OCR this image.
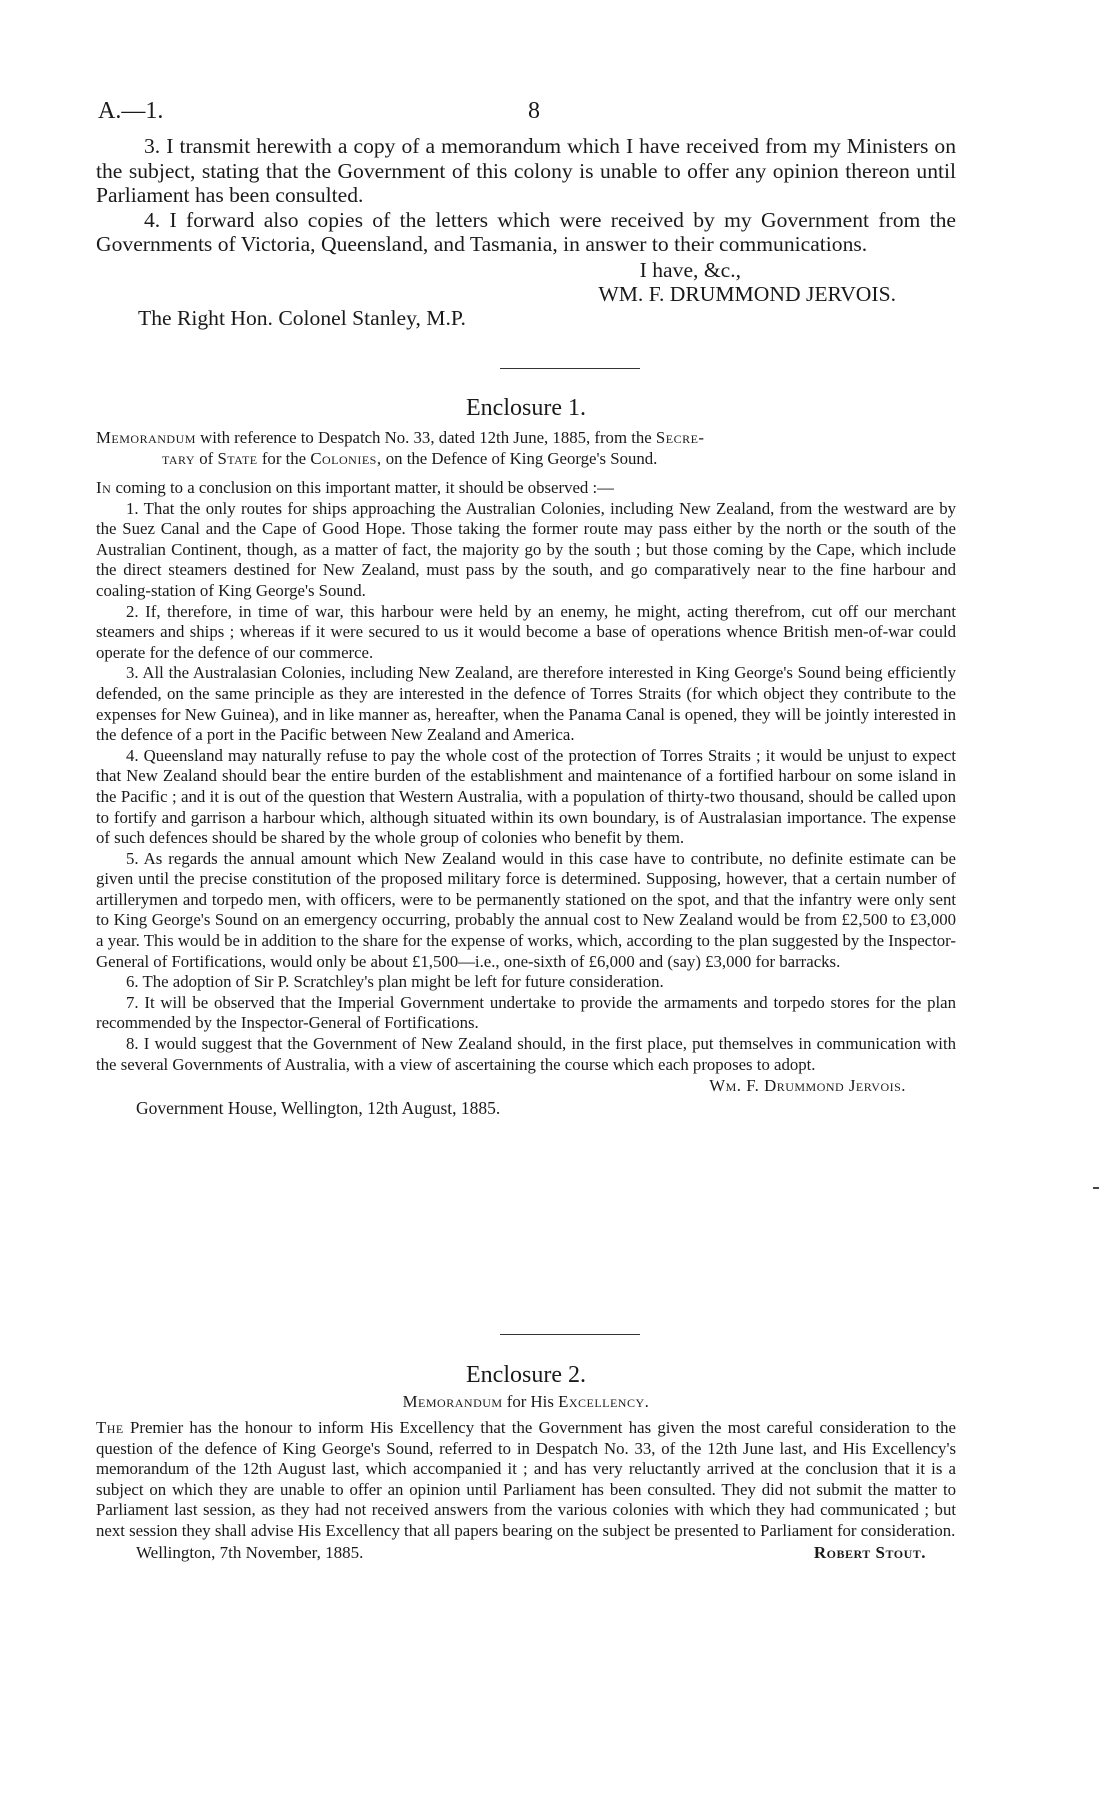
A.—1.	8

3. I transmit herewith a copy of a memorandum which I have received from my Ministers on the subject, stating that the Government of this colony is unable to offer any opinion thereon until Parliament has been consulted.

4. I forward also copies of the letters which were received by my Government from the Governments of Victoria, Queensland, and Tasmania, in answer to their communications.

I have, &c.,
WM. F. DRUMMOND JERVOIS.
The Right Hon. Colonel Stanley, M.P.
Enclosure 1.
Memorandum with reference to Despatch No. 33, dated 12th June, 1885, from the Secre-
tary of State for the Colonies, on the Defence of King George's Sound.

In coming to a conclusion on this important matter, it should be observed :—

1. That the only routes for ships approaching the Australian Colonies, including New Zealand, from the westward are by the Suez Canal and the Cape of Good Hope. Those taking the former route may pass either by the north or the south of the Australian Continent, though, as a matter of fact, the majority go by the south ; but those coming by the Cape, which include the direct steamers destined for New Zealand, must pass by the south, and go comparatively near to the fine harbour and coaling-station of King George's Sound.

2. If, therefore, in time of war, this harbour were held by an enemy, he might, acting therefrom, cut off our merchant steamers and ships ; whereas if it were secured to us it would become a base of operations whence British men-of-war could operate for the defence of our commerce.

3. All the Australasian Colonies, including New Zealand, are therefore interested in King George's Sound being efficiently defended, on the same principle as they are interested in the defence of Torres Straits (for which object they contribute to the expenses for New Guinea), and in like manner as, hereafter, when the Panama Canal is opened, they will be jointly interested in the defence of a port in the Pacific between New Zealand and America.

4. Queensland may naturally refuse to pay the whole cost of the protection of Torres Straits ; it would be unjust to expect that New Zealand should bear the entire burden of the establishment and maintenance of a fortified harbour on some island in the Pacific ; and it is out of the question that Western Australia, with a population of thirty-two thousand, should be called upon to fortify and garrison a harbour which, although situated within its own boundary, is of Australasian importance. The expense of such defences should be shared by the whole group of colonies who benefit by them.

5. As regards the annual amount which New Zealand would in this case have to contribute, no definite estimate can be given until the precise constitution of the proposed military force is determined. Supposing, however, that a certain number of artillerymen and torpedo men, with officers, were to be permanently stationed on the spot, and that the infantry were only sent to King George's Sound on an emergency occurring, probably the annual cost to New Zealand would be from £2,500 to £3,000 a year. This would be in addition to the share for the expense of works, which, according to the plan suggested by the Inspector-General of Fortifications, would only be about £1,500—i.e., one-sixth of £6,000 and (say) £3,000 for barracks.

6. The adoption of Sir P. Scratchley's plan might be left for future consideration.

7. It will be observed that the Imperial Government undertake to provide the armaments and torpedo stores for the plan recommended by the Inspector-General of Fortifications.

8. I would suggest that the Government of New Zealand should, in the first place, put themselves in communication with the several Governments of Australia, with a view of ascertaining the course which each proposes to adopt.

Wm. F. Drummond Jervois.
Government House, Wellington, 12th August, 1885.
Enclosure 2.
Memorandum for His Excellency.

The Premier has the honour to inform His Excellency that the Government has given the most careful consideration to the question of the defence of King George's Sound, referred to in Despatch No. 33, of the 12th June last, and His Excellency's memorandum of the 12th August last, which accompanied it ; and has very reluctantly arrived at the conclusion that it is a subject on which they are unable to offer an opinion until Parliament has been consulted. They did not submit the matter to Parliament last session, as they had not received answers from the various colonies with which they had communicated ; but next session they shall advise His Excellency that all papers bearing on the subject be presented to Parliament for consideration.

Wellington, 7th November, 1885.	Robert Stout.
